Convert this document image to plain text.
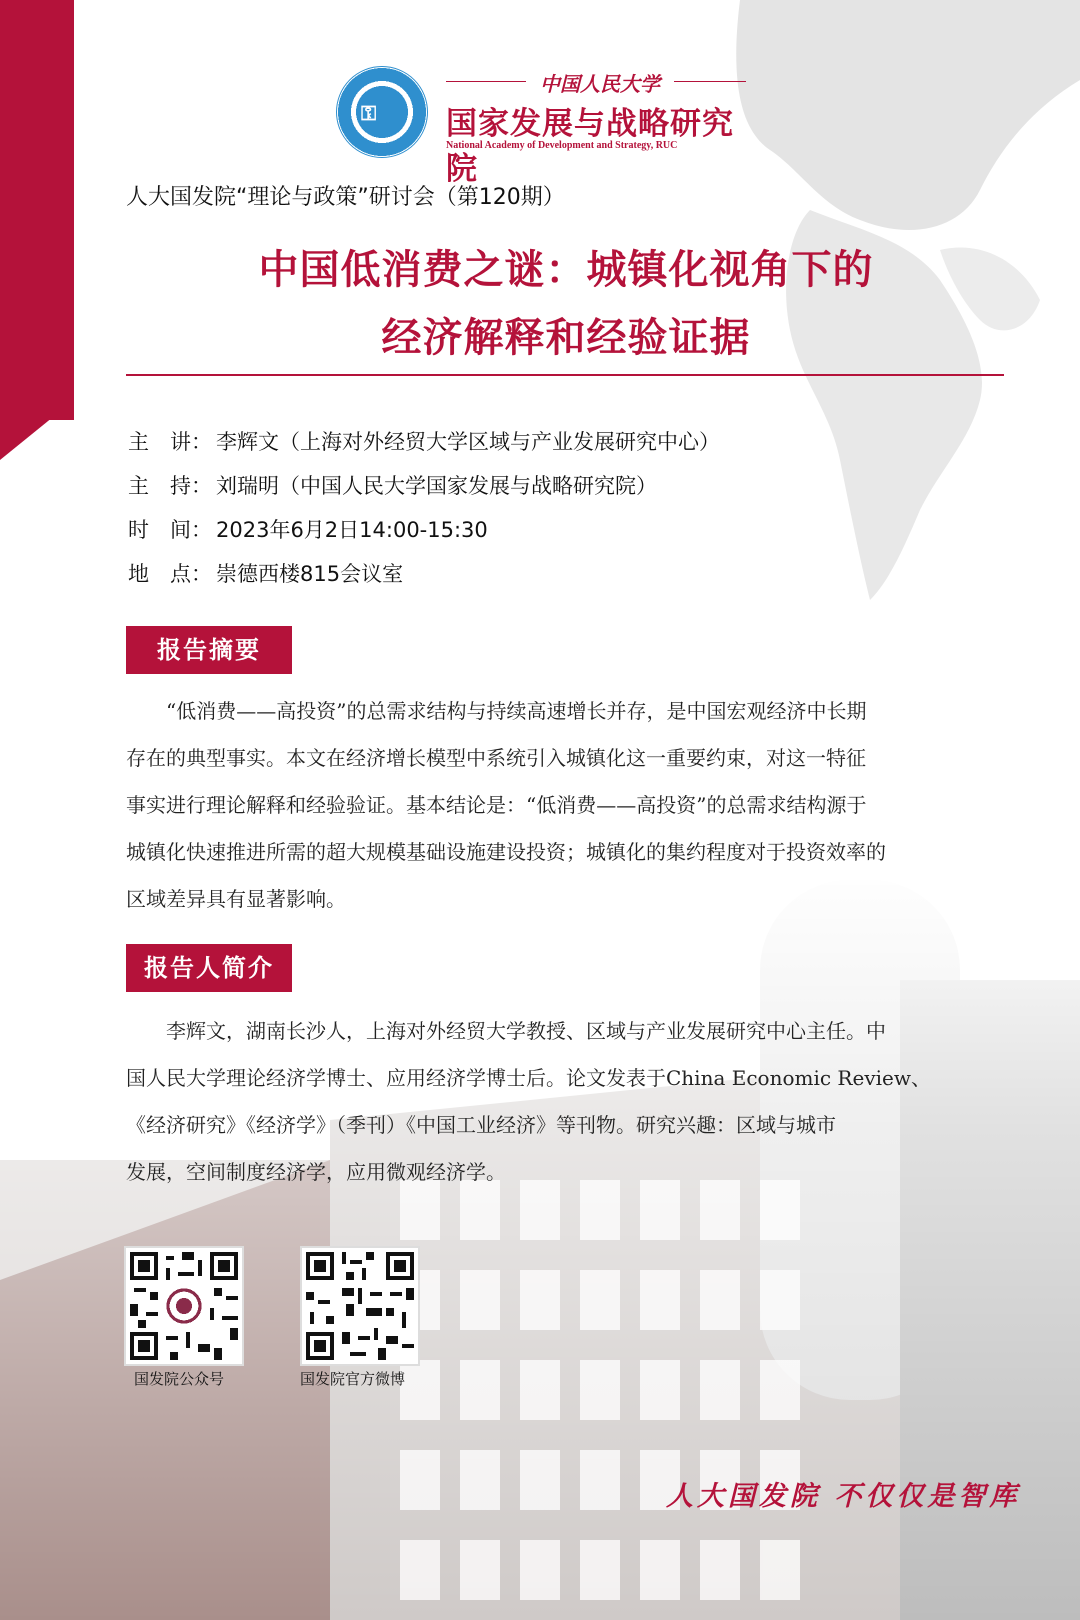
⚿
中国人民大学
国家发展与战略研究院
National Academy of Development and Strategy, RUC
人大国发院“理论与政策”研讨会（第120期）
中国低消费之谜：城镇化视角下的
经济解释和经验证据
主　讲： 李辉文（上海对外经贸大学区域与产业发展研究中心）
主　持： 刘瑞明（中国人民大学国家发展与战略研究院）
时　间： 2023年6月2日14:00-15:30
地　点： 崇德西楼815会议室
报告摘要
　　“低消费——高投资”的总需求结构与持续高速增长并存，是中国宏观经济中长期
存在的典型事实。本文在经济增长模型中系统引入城镇化这一重要约束，对这一特征
事实进行理论解释和经验验证。基本结论是：“低消费——高投资”的总需求结构源于
城镇化快速推进所需的超大规模基础设施建设投资；城镇化的集约程度对于投资效率的
区域差异具有显著影响。
报告人简介
　　李辉文，湖南长沙人，上海对外经贸大学教授、区域与产业发展研究中心主任。中
国人民大学理论经济学博士、应用经济学博士后。论文发表于China Economic Review、
《经济研究》《经济学》（季刊）《中国工业经济》等刊物。研究兴趣：区域与城市
发展，空间制度经济学，应用微观经济学。
国发院公众号	国发院官方微博
人大国发院 不仅仅是智库
